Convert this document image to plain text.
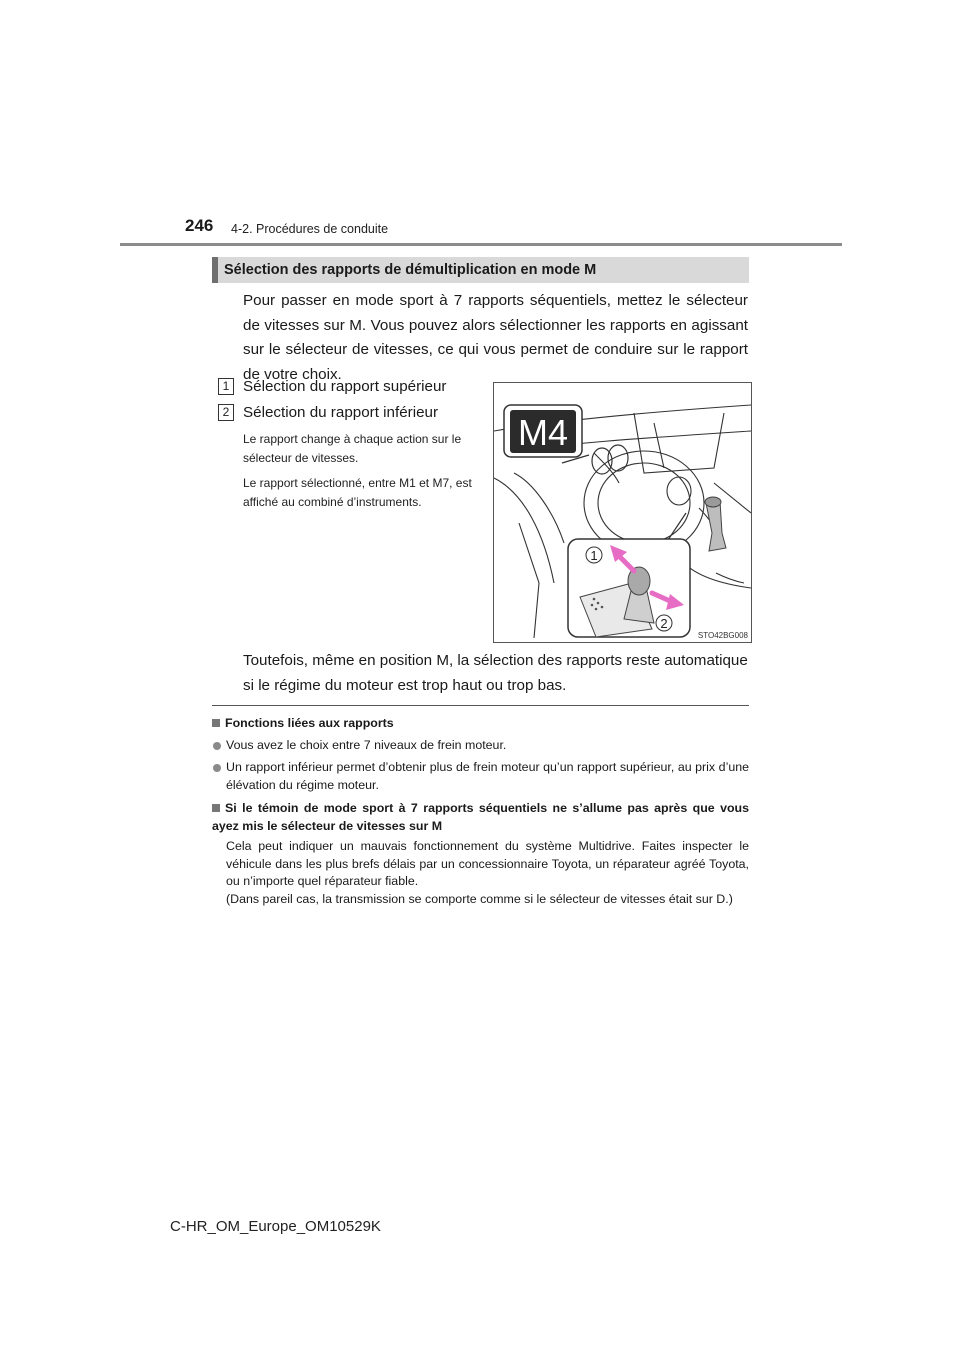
246 4-2. Procédures de conduite
Sélection des rapports de démultiplication en mode M
Pour passer en mode sport à 7 rapports séquentiels, mettez le sélecteur de vitesses sur M. Vous pouvez alors sélectionner les rapports en agissant sur le sélecteur de vitesses, ce qui vous permet de conduire sur le rapport de votre choix.
1 Sélection du rapport supérieur
2 Sélection du rapport inférieur
Le rapport change à chaque action sur le sélecteur de vitesses.
Le rapport sélectionné, entre M1 et M7, est affiché au combiné d’instruments.
M4
1
2
STO42BG008
Toutefois, même en position M, la sélection des rapports reste automatique si le régime du moteur est trop haut ou trop bas.
Fonctions liées aux rapports
Vous avez le choix entre 7 niveaux de frein moteur.
Un rapport inférieur permet d’obtenir plus de frein moteur qu’un rapport supérieur, au prix d’une élévation du régime moteur.
Si le témoin de mode sport à 7 rapports séquentiels ne s’allume pas après que vous ayez mis le sélecteur de vitesses sur M
Cela peut indiquer un mauvais fonctionnement du système Multidrive. Faites inspecter le véhicule dans les plus brefs délais par un concessionnaire Toyota, un réparateur agréé Toyota, ou n’importe quel réparateur fiable.
(Dans pareil cas, la transmission se comporte comme si le sélecteur de vitesses était sur D.)
C-HR_OM_Europe_OM10529K
